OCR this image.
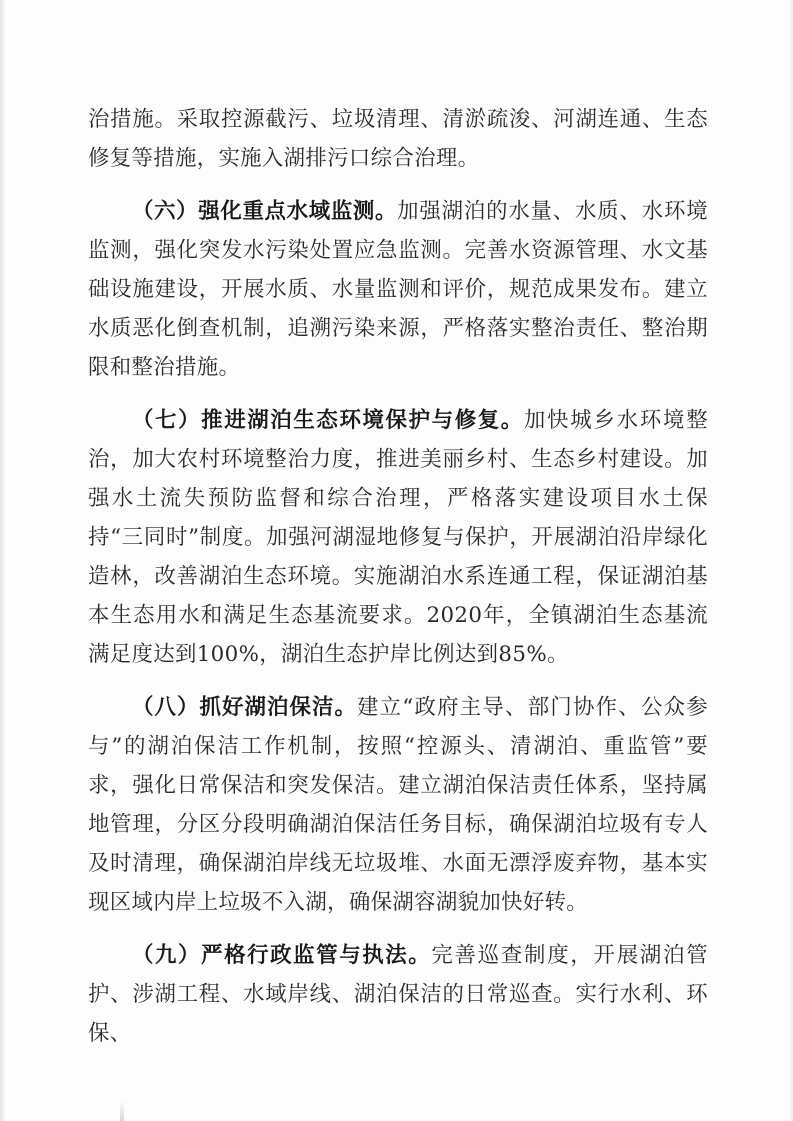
治措施。采取控源截污、垃圾清理、清淤疏浚、河湖连通、生态修复等措施，实施入湖排污口综合治理。

（六）强化重点水域监测。加强湖泊的水量、水质、水环境监测，强化突发水污染处置应急监测。完善水资源管理、水文基础设施建设，开展水质、水量监测和评价，规范成果发布。建立水质恶化倒查机制，追溯污染来源，严格落实整治责任、整治期限和整治措施。

（七）推进湖泊生态环境保护与修复。加快城乡水环境整治，加大农村环境整治力度，推进美丽乡村、生态乡村建设。加强水土流失预防监督和综合治理，严格落实建设项目水土保持“三同时”制度。加强河湖湿地修复与保护，开展湖泊沿岸绿化造林，改善湖泊生态环境。实施湖泊水系连通工程，保证湖泊基本生态用水和满足生态基流要求。2020年，全镇湖泊生态基流满足度达到100%，湖泊生态护岸比例达到85%。

（八）抓好湖泊保洁。建立“政府主导、部门协作、公众参与”的湖泊保洁工作机制，按照“控源头、清湖泊、重监管”要求，强化日常保洁和突发保洁。建立湖泊保洁责任体系，坚持属地管理，分区分段明确湖泊保洁任务目标，确保湖泊垃圾有专人及时清理，确保湖泊岸线无垃圾堆、水面无漂浮废弃物，基本实现区域内岸上垃圾不入湖，确保湖容湖貌加快好转。

（九）严格行政监管与执法。完善巡查制度，开展湖泊管护、涉湖工程、水域岸线、湖泊保洁的日常巡查。实行水利、环保、
